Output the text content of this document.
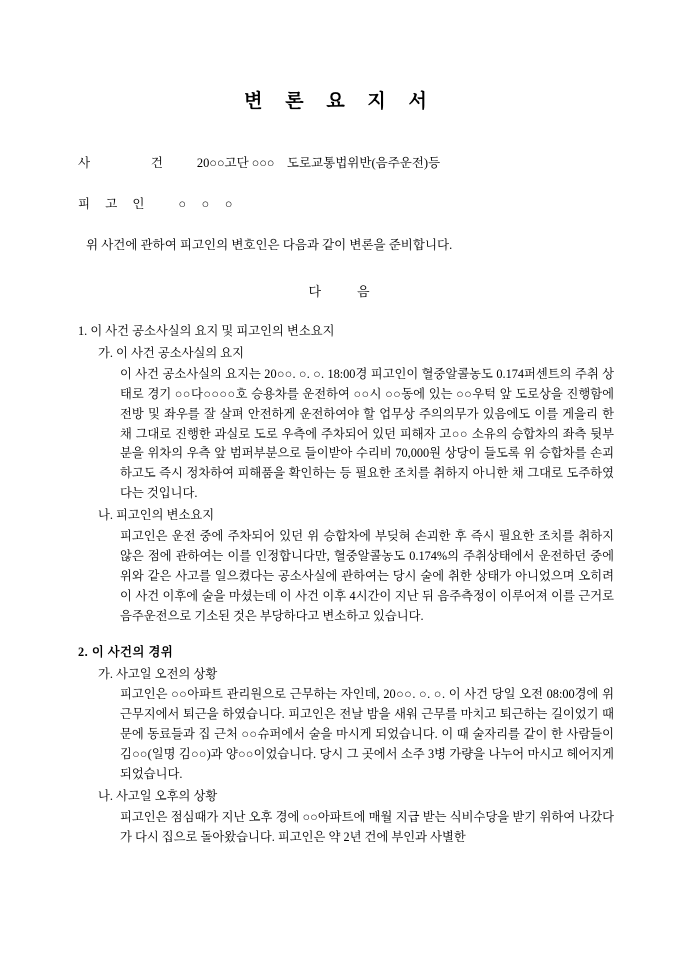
변 론 요 지 서
사      건 20○○고단 ○○○    도로교통법위반(음주운전)등
피 고 인 ○     ○     ○
위 사건에 관하여 피고인의 변호인은 다음과 같이 변론을 준비합니다.
다	음
1. 이 사건 공소사실의 요지 및 피고인의 변소요지
가. 이 사건 공소사실의 요지
이 사건 공소사실의 요지는 20○○. ○. ○. 18:00경 피고인이 혈중알콜농도 0.174퍼센트의 주취 상태로 경기 ○○다○○○○호 승용차를 운전하여 ○○시 ○○동에 있는 ○○우턱 앞 도로상을 진행함에 전방 및 좌우를 잘 살펴 안전하게 운전하여야 할 업무상 주의의무가 있음에도 이를 게을리 한 채 그대로 진행한 과실로 도로 우측에 주차되어 있던 피해자 고○○ 소유의 승합차의 좌측 뒷부분을 위차의 우측 앞 범퍼부분으로 들이받아 수리비 70,000원 상당이 들도록 위 승합차를 손괴하고도 즉시 정차하여 피해품을 확인하는 등 필요한 조치를 취하지 아니한 채 그대로 도주하였다는 것입니다.
나. 피고인의 변소요지
피고인은 운전 중에 주차되어 있던 위 승합차에 부딪혀 손괴한 후 즉시 필요한 조치를 취하지 않은 점에 관하여는 이를 인정합니다만, 혈중알콜농도 0.174%의 주취상태에서 운전하던 중에 위와 같은 사고를 일으켰다는 공소사실에 관하여는 당시 술에 취한 상태가 아니었으며 오히려 이 사건 이후에 술을 마셨는데 이 사건 이후 4시간이 지난 뒤 음주측정이 이루어져 이를 근거로 음주운전으로 기소된 것은 부당하다고 변소하고 있습니다.
2. 이 사건의 경위
가. 사고일 오전의 상황
피고인은 ○○아파트 관리원으로 근무하는 자인데, 20○○. ○. ○. 이 사건 당일 오전 08:00경에 위 근무지에서 퇴근을 하였습니다. 피고인은 전날 밤을 새워 근무를 마치고 퇴근하는 길이었기 때문에 동료들과 집 근처 ○○슈퍼에서 술을 마시게 되었습니다. 이 때 술자리를 같이 한 사람들이 김○○(일명 김○○)과 양○○이었습니다. 당시 그 곳에서 소주 3병 가량을 나누어 마시고 헤어지게 되었습니다.
나. 사고일 오후의 상황
피고인은 점심때가 지난 오후 경에 ○○아파트에 매월 지급 받는 식비수당을 받기 위하여 나갔다가 다시 집으로 돌아왔습니다. 피고인은 약 2년 건에 부인과 사별한
